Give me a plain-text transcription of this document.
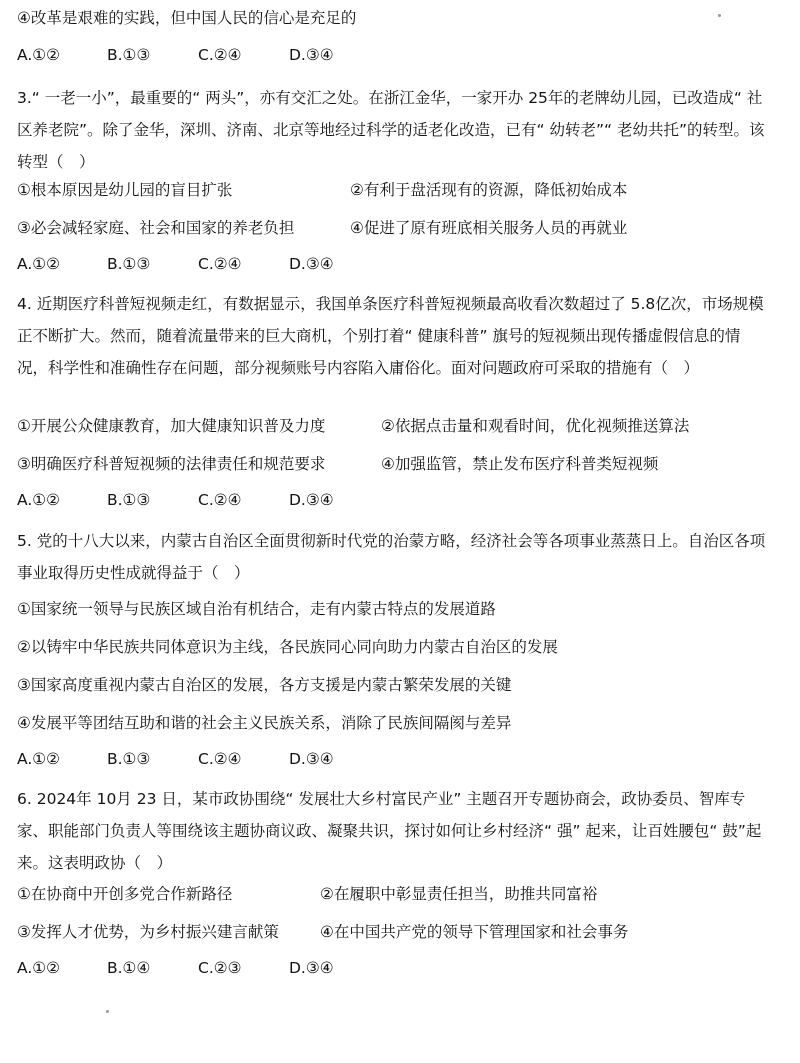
④改革是艰难的实践，但中国人民的信心是充足的
A.①②	B.①③	C.②④	D.③④
3.“ 一老一小”，最重要的“ 两头”，亦有交汇之处。在浙江金华，一家开办 25年的老牌幼儿园，已改造成“ 社区养老院”。除了金华，深圳、济南、北京等地经过科学的适老化改造，已有“ 幼转老”“ 老幼共托”的转型。该转型（　）
①根本原因是幼儿园的盲目扩张	②有利于盘活现有的资源，降低初始成本
③必会减轻家庭、社会和国家的养老负担	④促进了原有班底相关服务人员的再就业
A.①②	B.①③	C.②④	D.③④
4. 近期医疗科普短视频走红，有数据显示，我国单条医疗科普短视频最高收看次数超过了 5.8亿次，市场规模正不断扩大。然而，随着流量带来的巨大商机，个别打着“ 健康科普” 旗号的短视频出现传播虚假信息的情况，科学性和准确性存在问题，部分视频账号内容陷入庸俗化。面对问题政府可采取的措施有（　）
①开展公众健康教育，加大健康知识普及力度	②依据点击量和观看时间，优化视频推送算法
③明确医疗科普短视频的法律责任和规范要求	④加强监管，禁止发布医疗科普类短视频
A.①②	B.①③	C.②④	D.③④
5. 党的十八大以来，内蒙古自治区全面贯彻新时代党的治蒙方略，经济社会等各项事业蒸蒸日上。自治区各项事业取得历史性成就得益于（　）
①国家统一领导与民族区域自治有机结合，走有内蒙古特点的发展道路
②以铸牢中华民族共同体意识为主线，各民族同心同向助力内蒙古自治区的发展
③国家高度重视内蒙古自治区的发展，各方支援是内蒙古繁荣发展的关键
④发展平等团结互助和谐的社会主义民族关系，消除了民族间隔阂与差异
A.①②	B.①③	C.②④	D.③④
6. 2024年 10月 23 日，某市政协围绕“ 发展壮大乡村富民产业” 主题召开专题协商会，政协委员、智库专家、职能部门负责人等围绕该主题协商议政、凝聚共识，探讨如何让乡村经济“ 强” 起来，让百姓腰包“ 鼓”起来。这表明政协（　）
①在协商中开创多党合作新路径	②在履职中彰显责任担当，助推共同富裕
③发挥人才优势，为乡村振兴建言献策	④在中国共产党的领导下管理国家和社会事务
A.①②	B.①④	C.②③	D.③④
